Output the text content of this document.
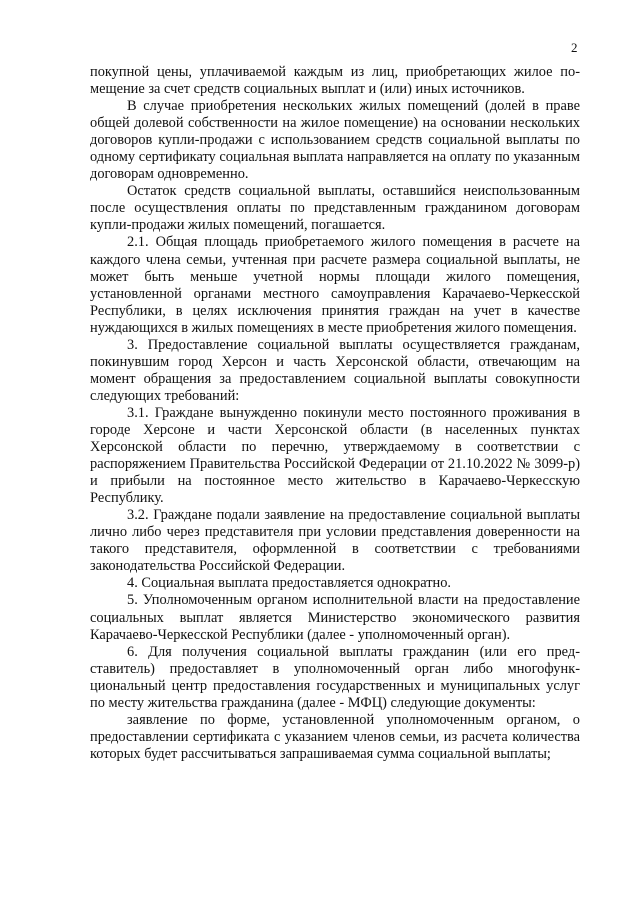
2

покупной цены, уплачиваемой каждым из лиц, приобретающих жилое помещение за счет средств социальных выплат и (или) иных источников.

В случае приобретения нескольких жилых помещений (долей в праве общей долевой собственности на жилое помещение) на основании нескольких договоров купли-продажи с использованием средств социальной выплаты по одному сертификату социальная выплата направляется на оплату по указанным договорам одновременно.

Остаток средств социальной выплаты, оставшийся неиспользованным после осуществления оплаты по представленным гражданином договорам купли-продажи жилых помещений, погашается.

2.1. Общая площадь приобретаемого жилого помещения в расчете на каждого члена семьи, учтенная при расчете размера социальной выплаты, не может быть меньше учетной нормы площади жилого помещения, установленной органами местного самоуправления Карачаево-Черкесской Республики, в целях исключения принятия граждан на учет в качестве нуждающихся в жилых помещениях в месте приобретения жилого помещения.

3. Предоставление социальной выплаты осуществляется гражданам, покинувшим город Херсон и часть Херсонской области, отвечающим на момент обращения за предоставлением социальной выплаты совокупности следующих требований:

3.1. Граждане вынужденно покинули место постоянного проживания в городе Херсоне и части Херсонской области (в населенных пунктах Херсонской области по перечню, утверждаемому в соответствии с распоряжением Правительства Российской Федерации от 21.10.2022 № 3099-р) и прибыли на постоянное место жительство в Карачаево-Черкесскую Республику.

3.2. Граждане подали заявление на предоставление социальной выплаты лично либо через представителя при условии представления доверенности на такого представителя, оформленной в соответствии с требованиями законодательства Российской Федерации.

4. Социальная выплата предоставляется однократно.

5. Уполномоченным органом исполнительной власти на предоставление социальных выплат является Министерство экономического развития Карачаево-Черкесской Республики (далее - уполномоченный орган).

6. Для получения социальной выплаты гражданин (или его представитель) предоставляет в уполномоченный орган либо многофункциональный центр предоставления государственных и муниципальных услуг по месту жительства гражданина (далее - МФЦ) следующие документы:

заявление по форме, установленной уполномоченным органом, о предоставлении сертификата с указанием членов семьи, из расчета количества которых будет рассчитываться запрашиваемая сумма социальной выплаты;
